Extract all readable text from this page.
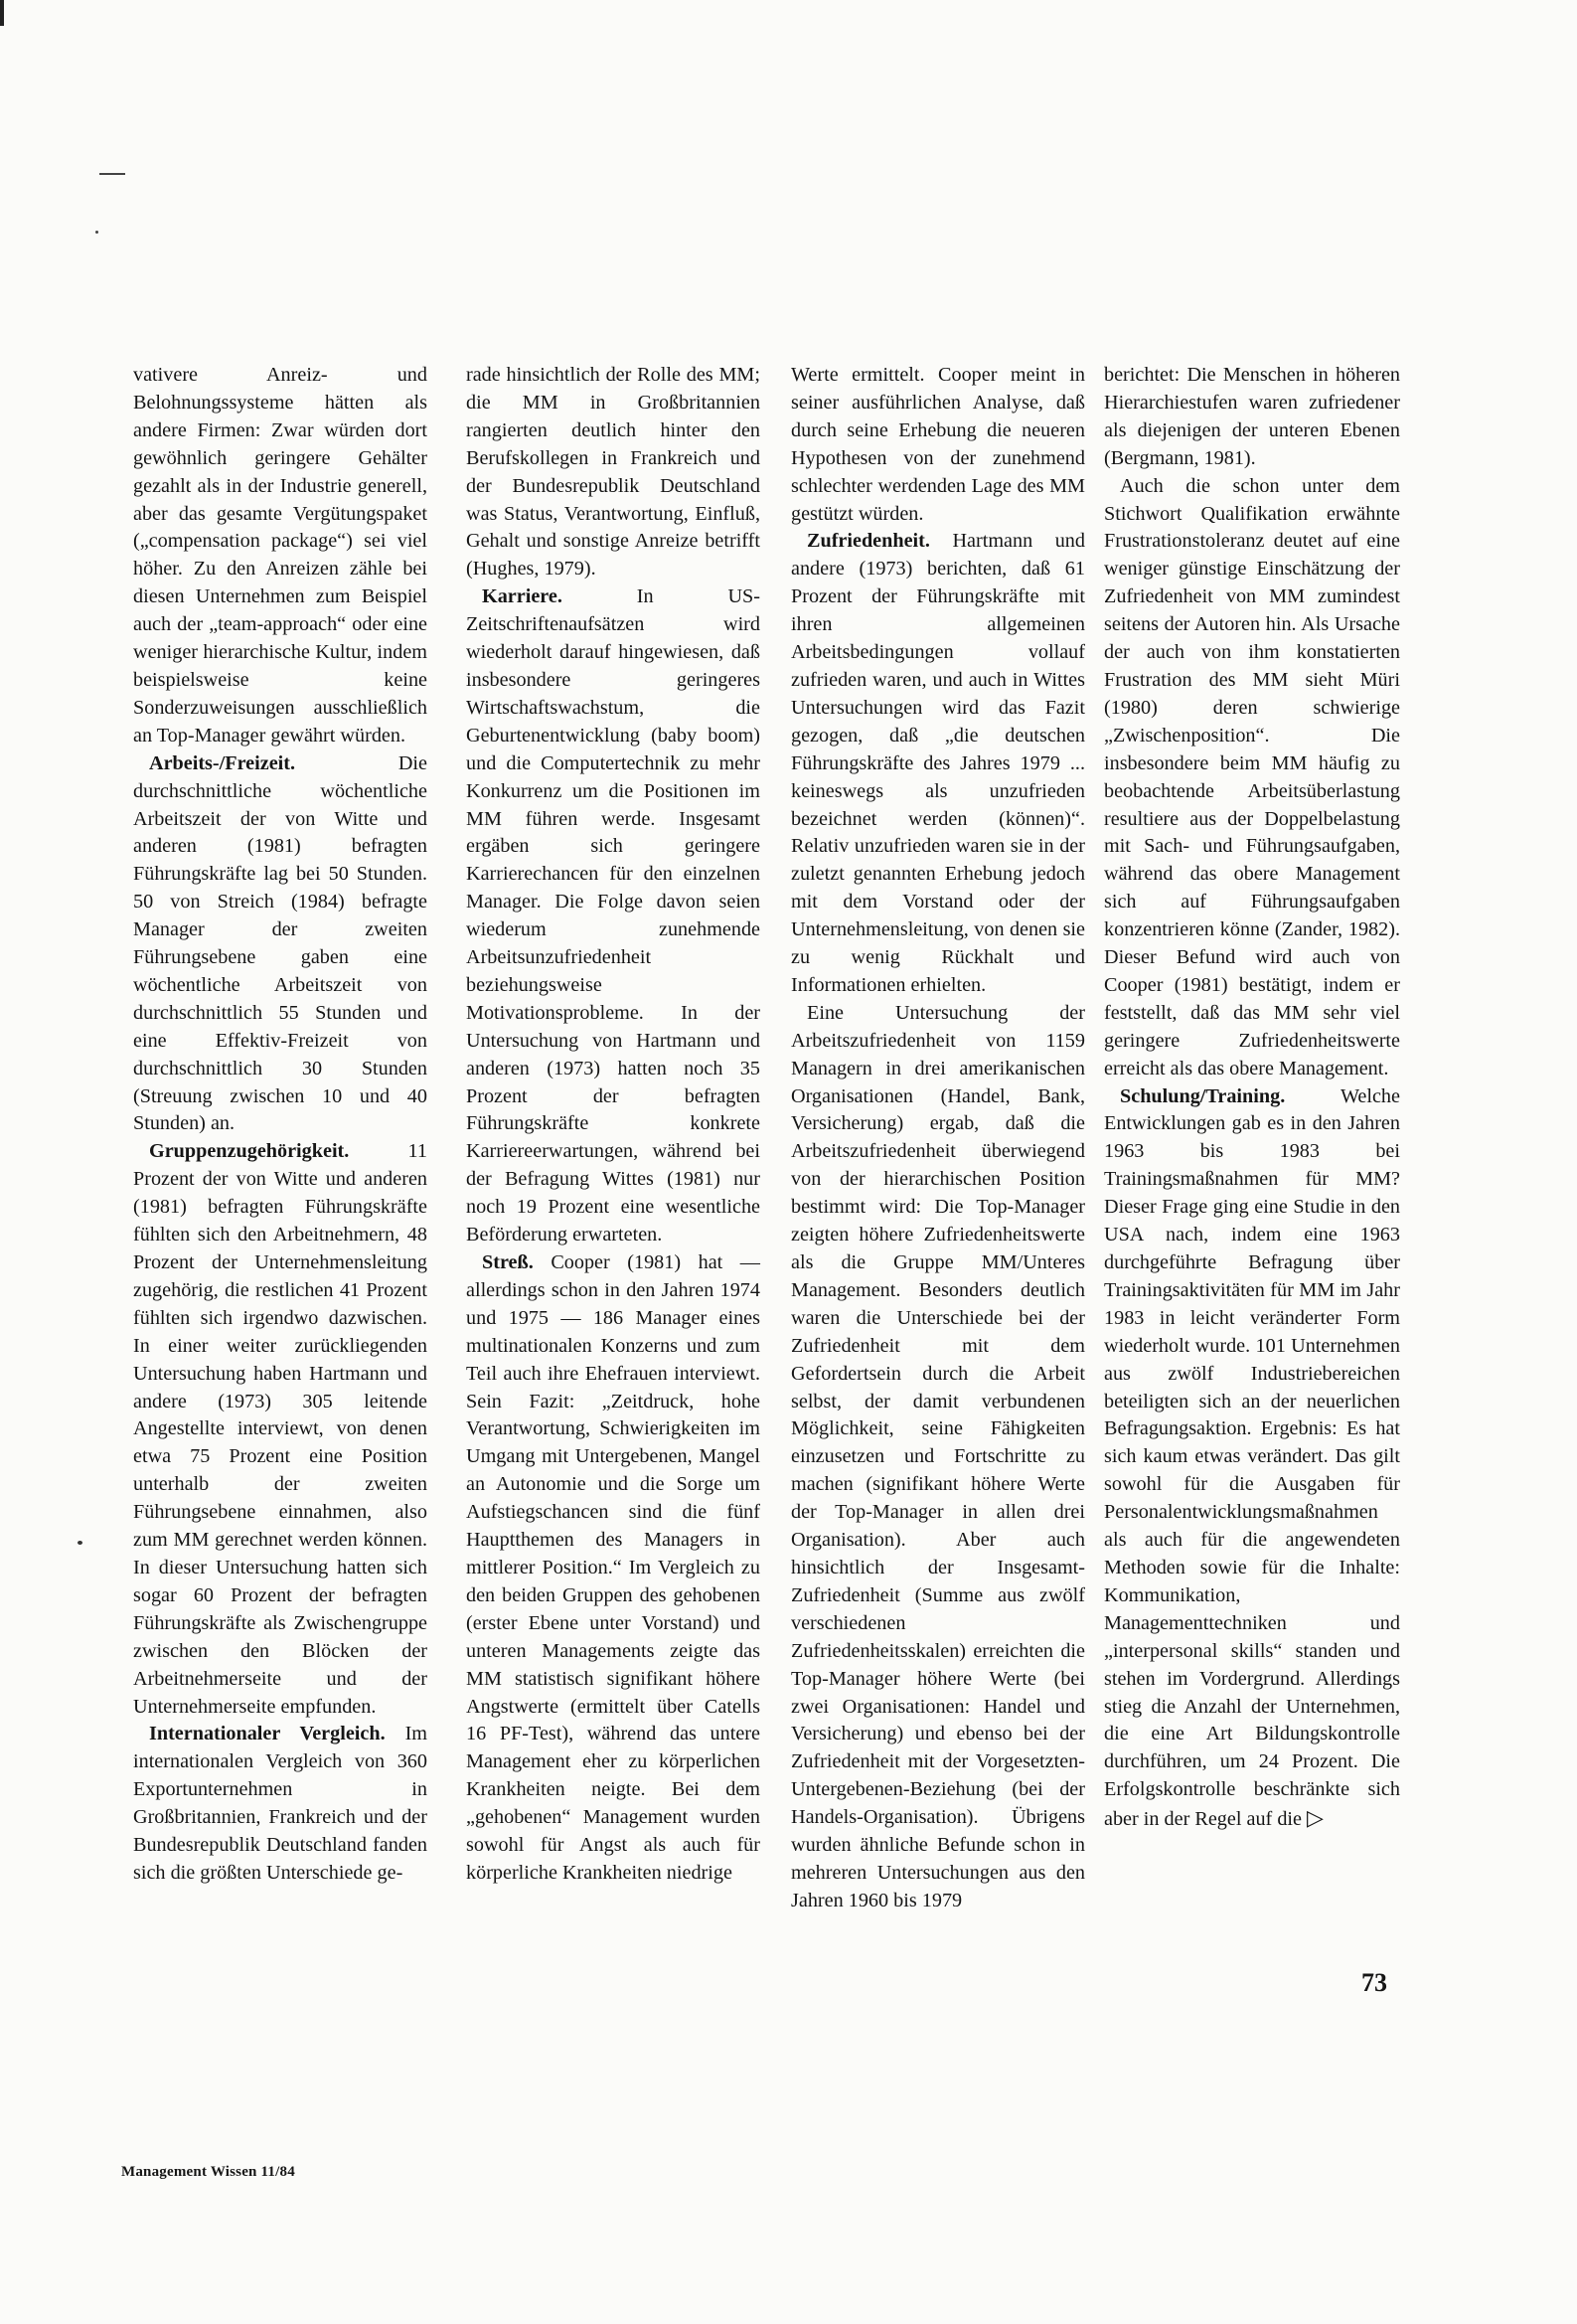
vativere Anreiz- und Belohnungssysteme hätten als andere Firmen: Zwar würden dort gewöhnlich geringere Gehälter gezahlt als in der Industrie generell, aber das gesamte Vergütungspaket („compensation package“) sei viel höher. Zu den Anreizen zähle bei diesen Unternehmen zum Beispiel auch der „team-approach“ oder eine weniger hierarchische Kultur, indem beispielsweise keine Sonderzuweisungen ausschließlich an Top-Manager gewährt würden.

Arbeits-/Freizeit.	Die durchschnittliche wöchentliche Arbeitszeit der von Witte und anderen (1981) befragten Führungskräfte lag bei 50 Stunden. 50 von Streich (1984) befragte Manager der zweiten Führungsebene gaben eine wöchentliche Arbeitszeit von durchschnittlich 55 Stunden und eine Effektiv-Freizeit von durchschnittlich 30 Stunden (Streuung zwischen 10 und 40 Stunden) an.

Gruppenzugehörigkeit.	11 Prozent der von Witte und anderen (1981) befragten Führungskräfte fühlten sich den Arbeitnehmern, 48 Prozent der Unternehmensleitung zugehörig, die restlichen 41 Prozent fühlten sich irgendwo dazwischen. In einer weiter zurückliegenden Untersuchung haben Hartmann und andere (1973) 305 leitende Angestellte interviewt, von denen etwa 75 Prozent eine Position unterhalb der zweiten Führungsebene einnahmen, also zum MM gerechnet werden können. In dieser Untersuchung hatten sich sogar 60 Prozent der befragten Führungskräfte als Zwischengruppe zwischen den Blöcken der Arbeitnehmerseite und der Unternehmerseite empfunden.

Internationaler Vergleich. Im internationalen Vergleich von 360 Exportunternehmen in Großbritannien, Frankreich und der Bundesrepublik Deutschland fanden sich die größten Unterschiede ge-

rade hinsichtlich der Rolle des MM; die MM in Großbritannien rangierten deutlich hinter den Berufskollegen in Frankreich und der Bundesrepublik Deutschland was Status, Verantwortung, Einfluß, Gehalt und sonstige Anreize betrifft (Hughes, 1979).

Karriere.	In US-Zeitschriftenaufsätzen wird wiederholt darauf hingewiesen, daß insbesondere geringeres Wirtschaftswachstum, die Geburtenentwicklung (baby boom) und die Computertechnik zu mehr Konkurrenz um die Positionen im MM führen werde. Insgesamt ergäben sich geringere Karrierechancen für den einzelnen Manager. Die Folge davon seien wiederum zunehmende Arbeitsunzufriedenheit beziehungsweise Motivationsprobleme. In der Untersuchung von Hartmann und anderen (1973) hatten noch 35 Prozent der befragten Führungskräfte konkrete Karriereerwartungen, während bei der Befragung Wittes (1981) nur noch 19 Prozent eine wesentliche Beförderung erwarteten.

Streß. Cooper (1981) hat — allerdings schon in den Jahren 1974 und 1975 — 186 Manager eines multinationalen Konzerns und zum Teil auch ihre Ehefrauen interviewt. Sein Fazit: „Zeitdruck, hohe Verantwortung, Schwierigkeiten im Umgang mit Untergebenen, Mangel an Autonomie und die Sorge um Aufstiegschancen sind die fünf Hauptthemen des Managers in mittlerer Position.“ Im Vergleich zu den beiden Gruppen des gehobenen (erster Ebene unter Vorstand) und unteren Managements zeigte das MM statistisch signifikant höhere Angstwerte (ermittelt über Catells 16 PF-Test), während das untere Management eher zu körperlichen Krankheiten neigte. Bei dem „gehobenen“ Management wurden sowohl für Angst als auch für körperliche Krankheiten niedrige

Werte ermittelt. Cooper meint in seiner ausführlichen Analyse, daß durch seine Erhebung die neueren Hypothesen von der zunehmend schlechter werdenden Lage des MM gestützt würden.

Zufriedenheit. Hartmann und andere (1973) berichten, daß 61 Prozent der Führungskräfte mit ihren allgemeinen Arbeitsbedingungen vollauf zufrieden waren, und auch in Wittes Untersuchungen wird das Fazit gezogen, daß „die deutschen Führungskräfte des Jahres 1979 ... keineswegs als unzufrieden bezeichnet werden (können)“. Relativ unzufrieden waren sie in der zuletzt genannten Erhebung jedoch mit dem Vorstand oder der Unternehmensleitung, von denen sie zu wenig Rückhalt und Informationen erhielten.

Eine Untersuchung der Arbeitszufriedenheit von 1159 Managern in drei amerikanischen Organisationen (Handel, Bank, Versicherung) ergab, daß die Arbeitszufriedenheit überwiegend von der hierarchischen Position bestimmt wird: Die Top-Manager zeigten höhere Zufriedenheitswerte als die Gruppe MM/Unteres Management. Besonders deutlich waren die Unterschiede bei der Zufriedenheit mit dem Gefordertsein durch die Arbeit selbst, der damit verbundenen Möglichkeit, seine Fähigkeiten einzusetzen und Fortschritte zu machen (signifikant höhere Werte der Top-Manager in allen drei Organisation). Aber auch hinsichtlich der Insgesamt-Zufriedenheit (Summe aus zwölf verschiedenen Zufriedenheitsskalen) erreichten die Top-Manager höhere Werte (bei zwei Organisationen: Handel und Versicherung) und ebenso bei der Zufriedenheit mit der Vorgesetzten-Untergebenen-Beziehung (bei der Handels-Organisation). Übrigens wurden ähnliche Befunde schon in mehreren Untersuchungen aus den Jahren 1960 bis 1979

berichtet: Die Menschen in höheren Hierarchiestufen waren zufriedener als diejenigen der unteren Ebenen (Bergmann, 1981).

Auch die schon unter dem Stichwort Qualifikation erwähnte Frustrationstoleranz deutet auf eine weniger günstige Einschätzung der Zufriedenheit von MM zumindest seitens der Autoren hin. Als Ursache der auch von ihm konstatierten Frustration des MM sieht Müri (1980) deren schwierige „Zwischenposition“. Die insbesondere beim MM häufig zu beobachtende Arbeitsüberlastung resultiere aus der Doppelbelastung mit Sach- und Führungsaufgaben, während das obere Management sich auf Führungsaufgaben konzentrieren könne (Zander, 1982). Dieser Befund wird auch von Cooper (1981) bestätigt, indem er feststellt, daß das MM sehr viel geringere Zufriedenheitswerte erreicht als das obere Management.

Schulung/Training.	Welche Entwicklungen gab es in den Jahren 1963 bis 1983 bei Trainingsmaßnahmen für MM? Dieser Frage ging eine Studie in den USA nach, indem eine 1963 durchgeführte Befragung über Trainingsaktivitäten für MM im Jahr 1983 in leicht veränderter Form wiederholt wurde. 101 Unternehmen aus zwölf Industriebereichen beteiligten sich an der neuerlichen Befragungsaktion. Ergebnis: Es hat sich kaum etwas verändert. Das gilt sowohl für die Ausgaben für Personalentwicklungsmaßnahmen als auch für die angewendeten Methoden sowie für die Inhalte: Kommunikation, Managementtechniken und „interpersonal skills“ standen und stehen im Vordergrund. Allerdings stieg die Anzahl der Unternehmen, die eine Art Bildungskontrolle durchführen, um 24 Prozent. Die Erfolgskontrolle beschränkte sich aber in der Regel auf die ▷

73
Management Wissen 11/84
